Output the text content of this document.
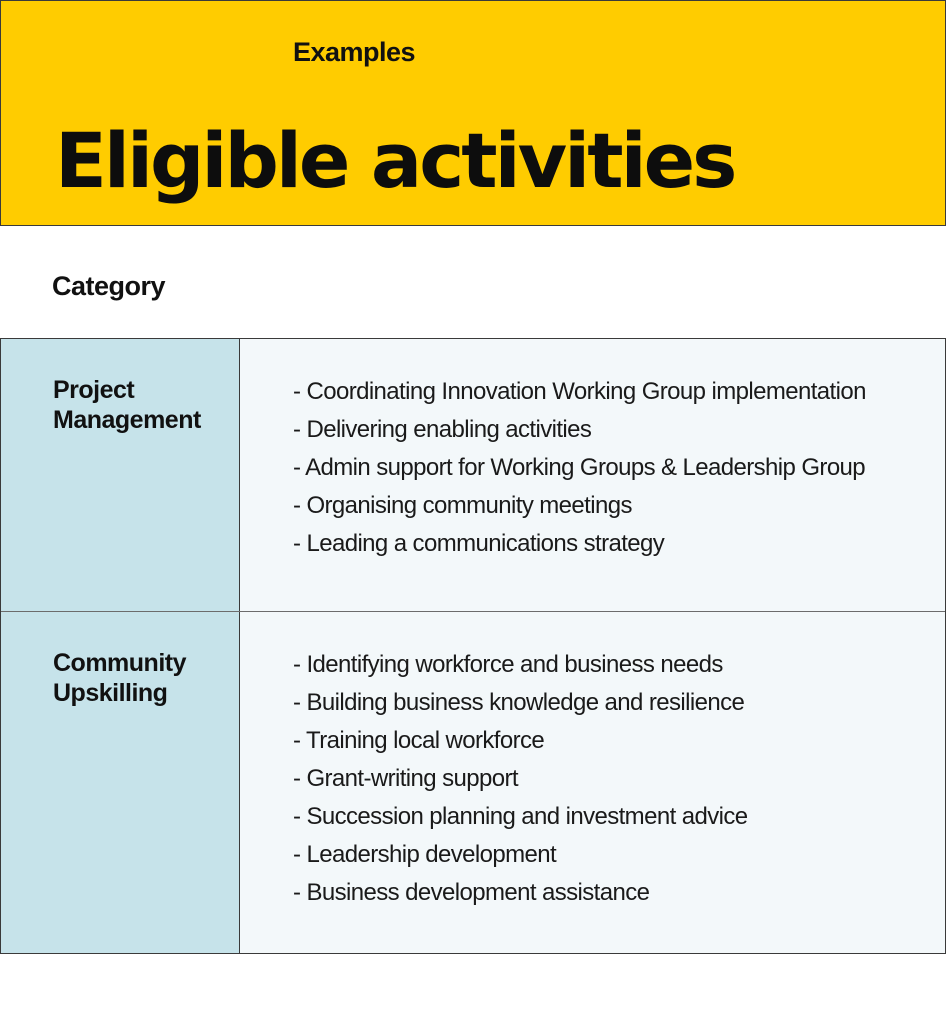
Eligible activities
Category
Examples
Project
Management
- Coordinating Innovation Working Group implementation
- Delivering enabling activities
- Admin support for Working Groups & Leadership Group
- Organising community meetings
- Leading a communications strategy
Community
Upskilling
- Identifying workforce and business needs
- Building business knowledge and resilience
- Training local workforce
- Grant-writing support
- Succession planning and investment advice
- Leadership development
- Business development assistance
